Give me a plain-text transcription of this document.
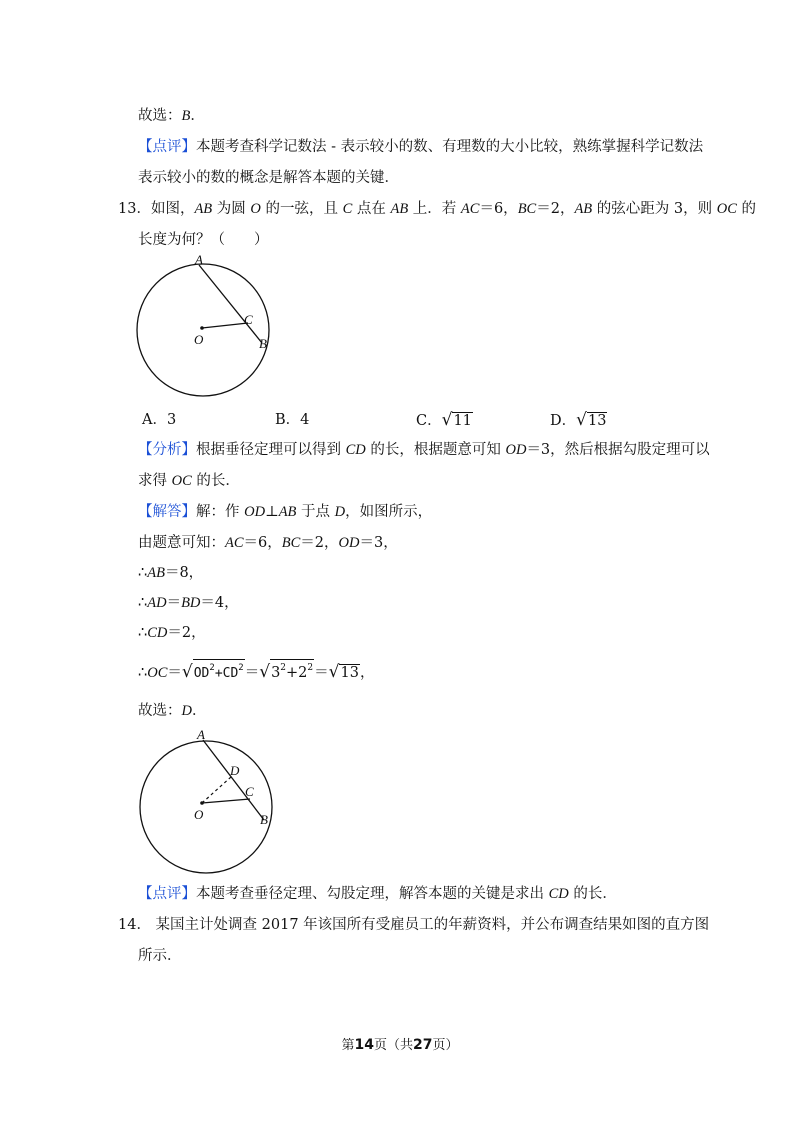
故选：B．
【点评】本题考查科学记数法 - 表示较小的数、有理数的大小比较，熟练掌握科学记数法
表示较小的数的概念是解答本题的关键．
13．如图，AB 为圆 O 的一弦，且 C 点在 AB 上．若 AC＝6，BC＝2，AB 的弦心距为 3，则 OC 的
长度为何？（　　）
A
C
O	B
A．3	B．4	C．√11	D．√13
【分析】根据垂径定理可以得到 CD 的长，根据题意可知 OD＝3，然后根据勾股定理可以
求得 OC 的长．
【解答】解：作 OD⊥AB 于点 D，如图所示，
由题意可知：AC＝6，BC＝2，OD＝3，
∴AB＝8，
∴AD＝BD＝4，
∴CD＝2，
$\therefore OC=√OD^2+CD^2=√3^2+2^2=√13$，
故选：D．
A
D
C
O	B
【点评】本题考查垂径定理、勾股定理，解答本题的关键是求出 CD 的长．
14． 某国主计处调查 2017 年该国所有受雇员工的年薪资料，并公布调查结果如图的直方图
所示．
第14页（共27页）
